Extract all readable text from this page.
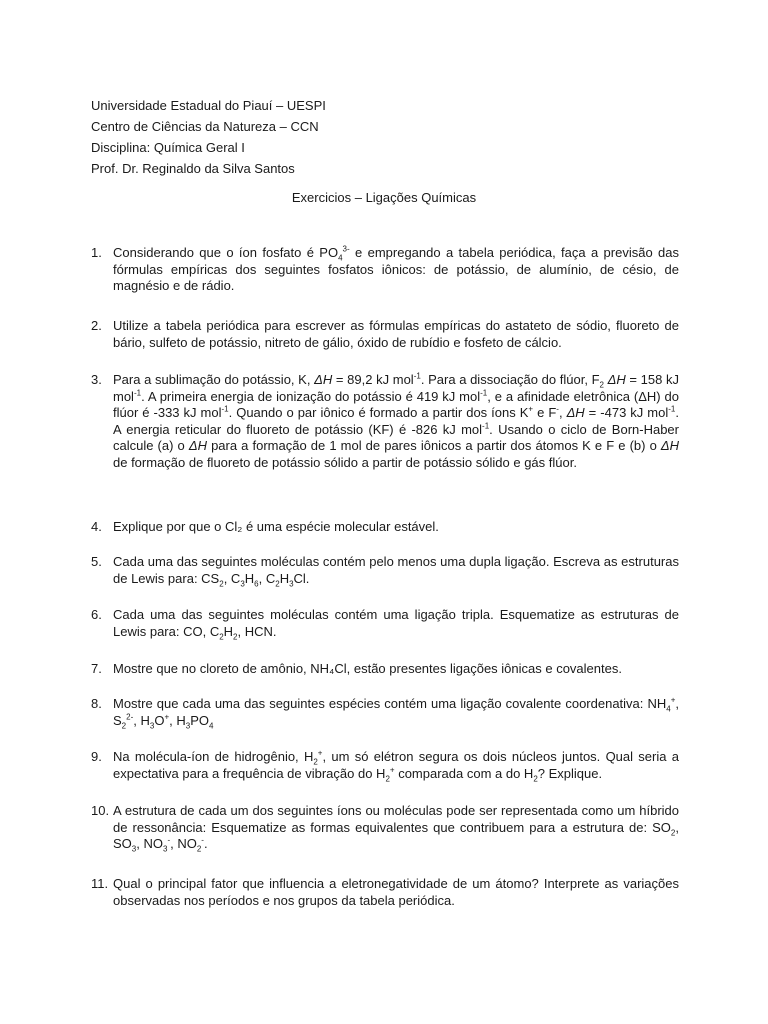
Universidade Estadual do Piauí – UESPI
Centro de Ciências da Natureza – CCN
Disciplina: Química Geral I
Prof. Dr. Reginaldo da Silva Santos
Exercicios – Ligações Químicas
1. Considerando que o íon fosfato é $PO_4^{3-}$ e empregando a tabela periódica, faça a previsão das fórmulas empíricas dos seguintes fosfatos iônicos: de potássio, de alumínio, de césio, de magnésio e de rádio.
2. Utilize a tabela periódica para escrever as fórmulas empíricas do astateto de sódio, fluoreto de bário, sulfeto de potássio, nitreto de gálio, óxido de rubídio e fosfeto de cálcio.
3. Para a sublimação do potássio, K, ΔH = 89,2 kJ mol$^{-1}$. Para a dissociação do flúor, $F_2$ ΔH = 158 kJ mol$^{-1}$. A primeira energia de ionização do potássio é 419 kJ mol$^{-1}$, e a afinidade eletrônica (ΔH) do flúor é -333 kJ mol$^{-1}$. Quando o par iônico é formado a partir dos íons K+ e F-, ΔH = -473 kJ mol$^{-1}$. A energia reticular do fluoreto de potássio (KF) é -826 kJ mol$^{-1}$. Usando o ciclo de Born-Haber calcule (a) o ΔH para a formação de 1 mol de pares iônicos a partir dos átomos K e F e (b) o ΔH de formação de fluoreto de potássio sólido a partir de potássio sólido e gás flúor.
4. Explique por que o Cl₂ é uma espécie molecular estável.
5. Cada uma das seguintes moléculas contém pelo menos uma dupla ligação. Escreva as estruturas de Lewis para: $CS_2$, $C_3H_6$, $C_2H_3Cl$.
6. Cada uma das seguintes moléculas contém uma ligação tripla. Esquematize as estruturas de Lewis para: CO, $C_2H_2$, HCN.
7. Mostre que no cloreto de amônio, NH₄Cl, estão presentes ligações iônicas e covalentes.
8. Mostre que cada uma das seguintes espécies contém uma ligação covalente coordenativa: $NH_4^+$, $S_2^{2-}$, $H_3O^+$, $H_3PO_4$
9. Na molécula-íon de hidrogênio, $H_2^+$, um só elétron segura os dois núcleos juntos. Qual seria a expectativa para a frequência de vibração do $H_2^+$ comparada com a do $H_2$? Explique.
10. A estrutura de cada um dos seguintes íons ou moléculas pode ser representada como um híbrido de ressonância: Esquematize as formas equivalentes que contribuem para a estrutura de: $SO_2$, $SO_3$, $NO_3^-$, $NO_2^-$.
11. Qual o principal fator que influencia a eletronegatividade de um átomo? Interprete as variações observadas nos períodos e nos grupos da tabela periódica.
